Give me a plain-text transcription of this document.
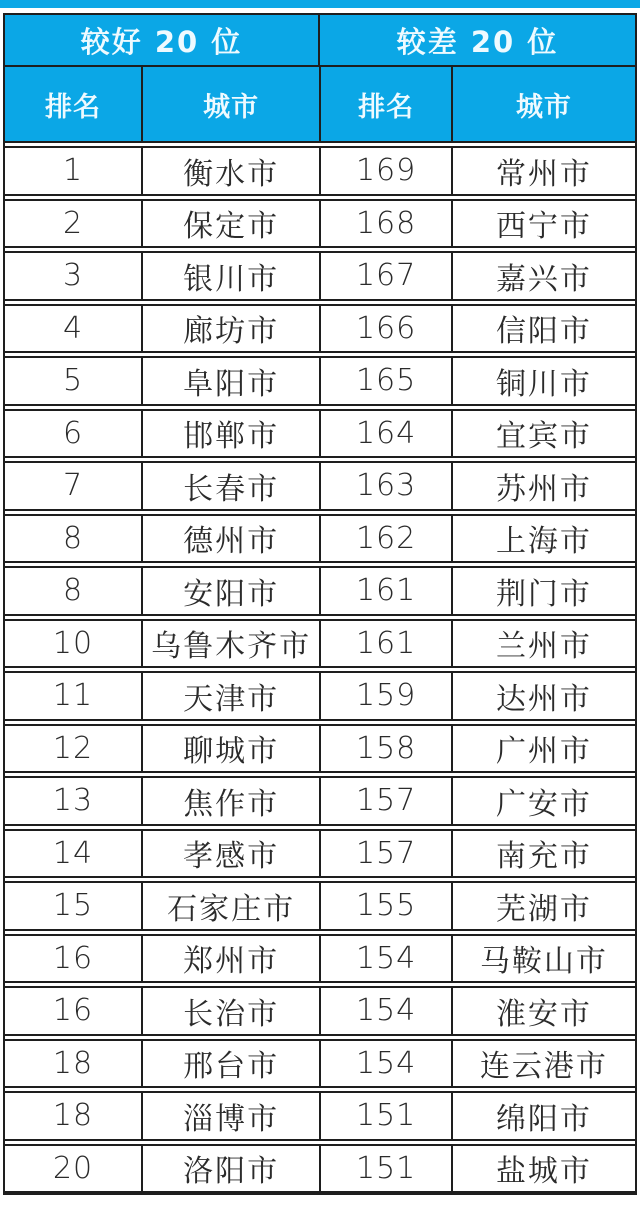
较好 20 位	较差 20 位
排名	城市	排名	城市
1	衡水市	169	常州市
2	保定市	168	西宁市
3	银川市	167	嘉兴市
4	廊坊市	166	信阳市
5	阜阳市	165	铜川市
6	邯郸市	164	宜宾市
7	长春市	163	苏州市
8	德州市	162	上海市
8	安阳市	161	荆门市
10	乌鲁木齐市	161	兰州市
11	天津市	159	达州市
12	聊城市	158	广州市
13	焦作市	157	广安市
14	孝感市	157	南充市
15	石家庄市	155	芜湖市
16	郑州市	154	马鞍山市
16	长治市	154	淮安市
18	邢台市	154	连云港市
18	淄博市	151	绵阳市
20	洛阳市	151	盐城市
